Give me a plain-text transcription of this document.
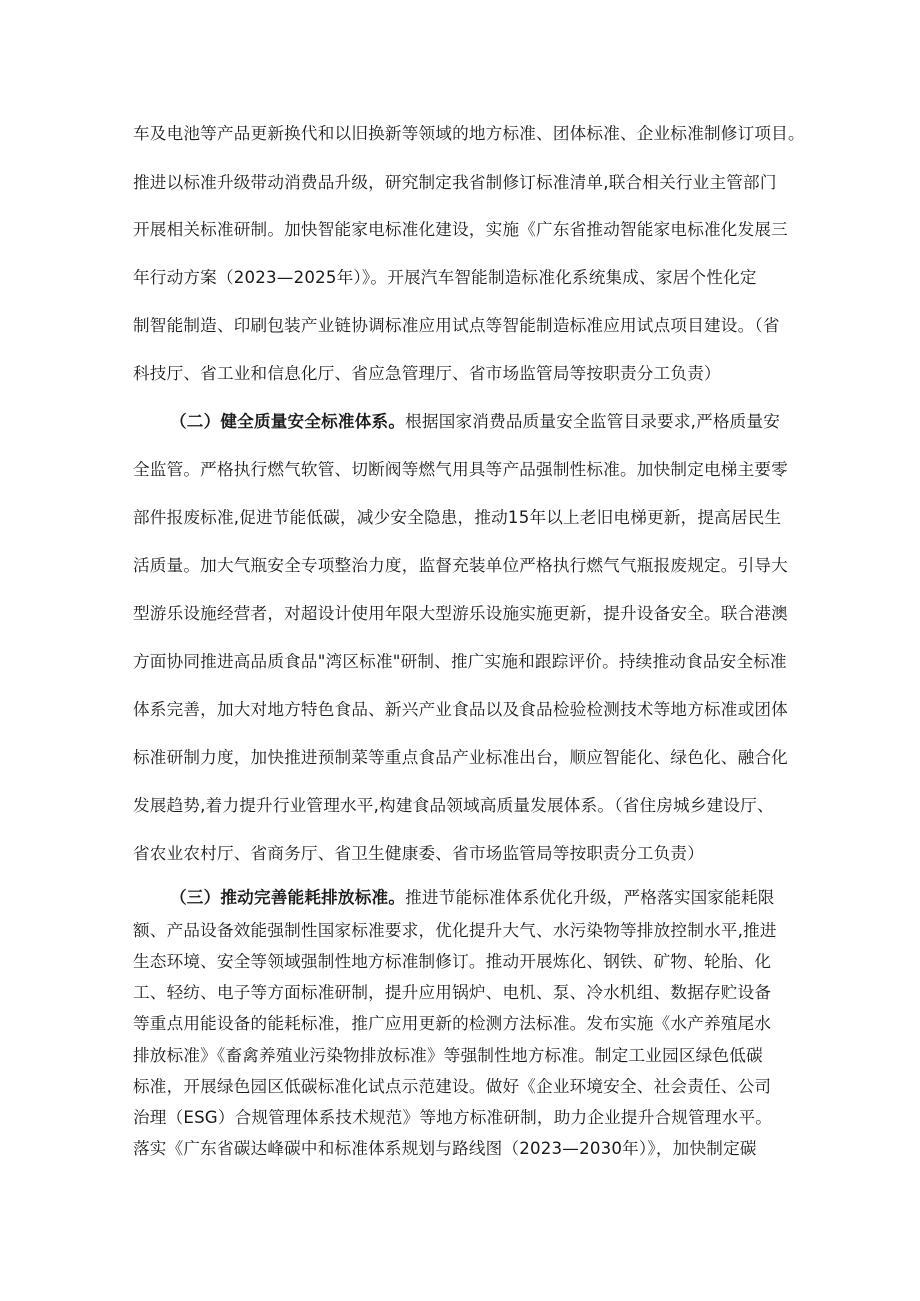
车及电池等产品更新换代和以旧换新等领域的地方标准、团体标准、企业标准制修订项目。
推进以标准升级带动消费品升级，研究制定我省制修订标准清单,联合相关行业主管部门
开展相关标准研制。加快智能家电标准化建设，实施《广东省推动智能家电标准化发展三
年行动方案（2023—2025年）》。开展汽车智能制造标准化系统集成、家居个性化定
制智能制造、印刷包装产业链协调标准应用试点等智能制造标准应用试点项目建设。（省
科技厅、省工业和信息化厅、省应急管理厅、省市场监管局等按职责分工负责）
（二）健全质量安全标准体系。根据国家消费品质量安全监管目录要求,严格质量安
全监管。严格执行燃气软管、切断阀等燃气用具等产品强制性标准。加快制定电梯主要零
部件报废标准,促进节能低碳，减少安全隐患，推动15年以上老旧电梯更新，提高居民生
活质量。加大气瓶安全专项整治力度，监督充装单位严格执行燃气气瓶报废规定。引导大
型游乐设施经营者，对超设计使用年限大型游乐设施实施更新，提升设备安全。联合港澳
方面协同推进高品质食品"湾区标准"研制、推广实施和跟踪评价。持续推动食品安全标准
体系完善，加大对地方特色食品、新兴产业食品以及食品检验检测技术等地方标准或团体
标准研制力度，加快推进预制菜等重点食品产业标准出台，顺应智能化、绿色化、融合化
发展趋势,着力提升行业管理水平,构建食品领域高质量发展体系。（省住房城乡建设厅、
省农业农村厅、省商务厅、省卫生健康委、省市场监管局等按职责分工负责）
（三）推动完善能耗排放标准。推进节能标准体系优化升级，严格落实国家能耗限
额、产品设备效能强制性国家标准要求，优化提升大气、水污染物等排放控制水平,推进
生态环境、安全等领域强制性地方标准制修订。推动开展炼化、钢铁、矿物、轮胎、化
工、轻纺、电子等方面标准研制，提升应用锅炉、电机、泵、冷水机组、数据存贮设备
等重点用能设备的能耗标准，推广应用更新的检测方法标准。发布实施《水产养殖尾水
排放标准》《畜禽养殖业污染物排放标准》等强制性地方标准。制定工业园区绿色低碳
标准，开展绿色园区低碳标准化试点示范建设。做好《企业环境安全、社会责任、公司
治理（ESG）合规管理体系技术规范》等地方标准研制，助力企业提升合规管理水平。
落实《广东省碳达峰碳中和标准体系规划与路线图（2023—2030年）》，加快制定碳
